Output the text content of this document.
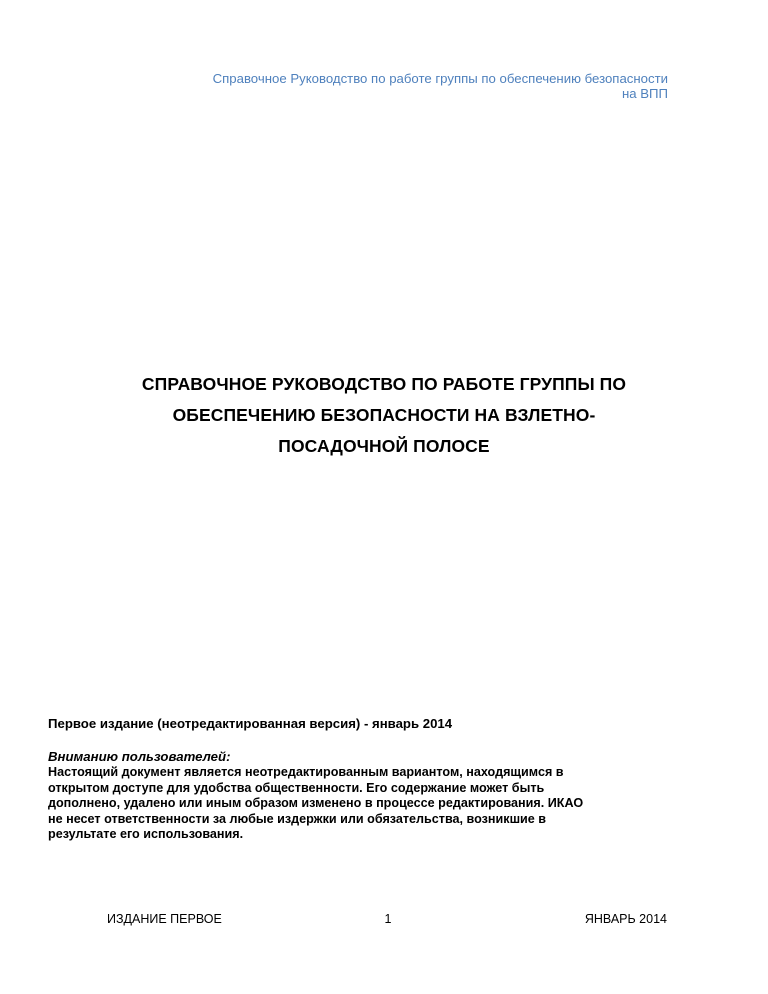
Справочное Руководство по работе группы по обеспечению безопасности
на ВПП
СПРАВОЧНОЕ РУКОВОДСТВО ПО РАБОТЕ ГРУППЫ ПО
ОБЕСПЕЧЕНИЮ БЕЗОПАСНОСТИ НА ВЗЛЕТНО-
ПОСАДОЧНОЙ ПОЛОСЕ
Первое издание (неотредактированная версия) - январь 2014
Вниманию пользователей:
Настоящий документ является неотредактированным вариантом, находящимся в
открытом доступе для удобства общественности. Его содержание может быть
дополнено, удалено или иным образом изменено в процессе редактирования. ИКАО
не несет ответственности за любые издержки или обязательства, возникшие в
результате его использования.
ИЗДАНИЕ ПЕРВОЕ	1	ЯНВАРЬ 2014
